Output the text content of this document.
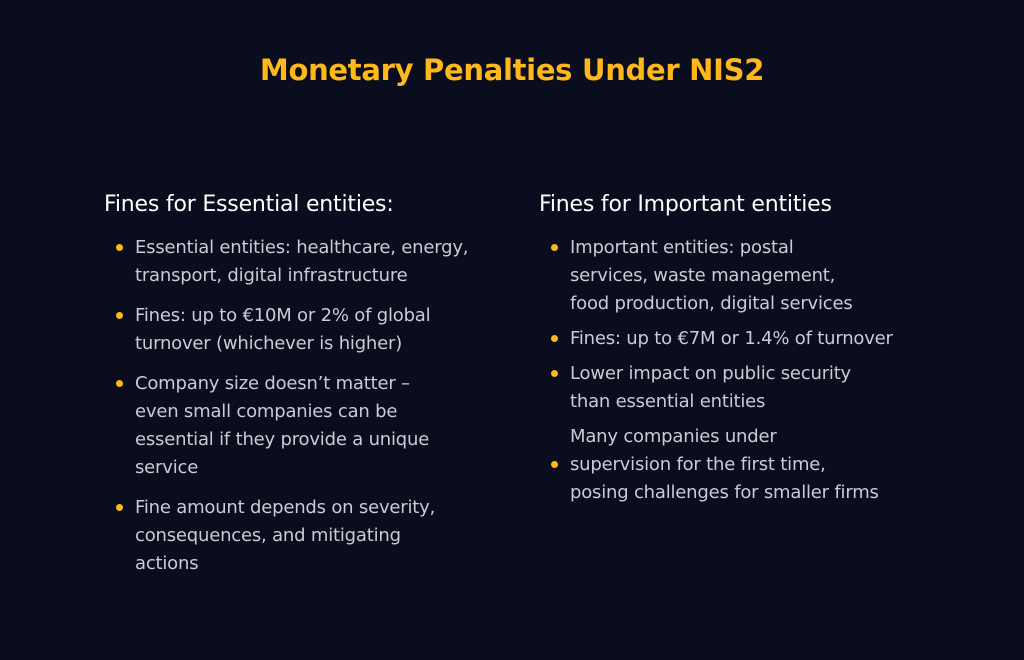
Monetary Penalties Under NIS2
Fines for Essential entities:
Essential entities: healthcare, energy,
transport, digital infrastructure
Fines: up to €10M or 2% of global
turnover (whichever is higher)
Company size doesn’t matter –
even small companies can be
essential if they provide a unique
service
Fine amount depends on severity,
consequences, and mitigating
actions
Fines for Important entities
Important entities: postal
services, waste management,
food production, digital services
Fines: up to €7M or 1.4% of turnover
Lower impact on public security
than essential entities
Many companies under
supervision for the first time,
posing challenges for smaller firms
